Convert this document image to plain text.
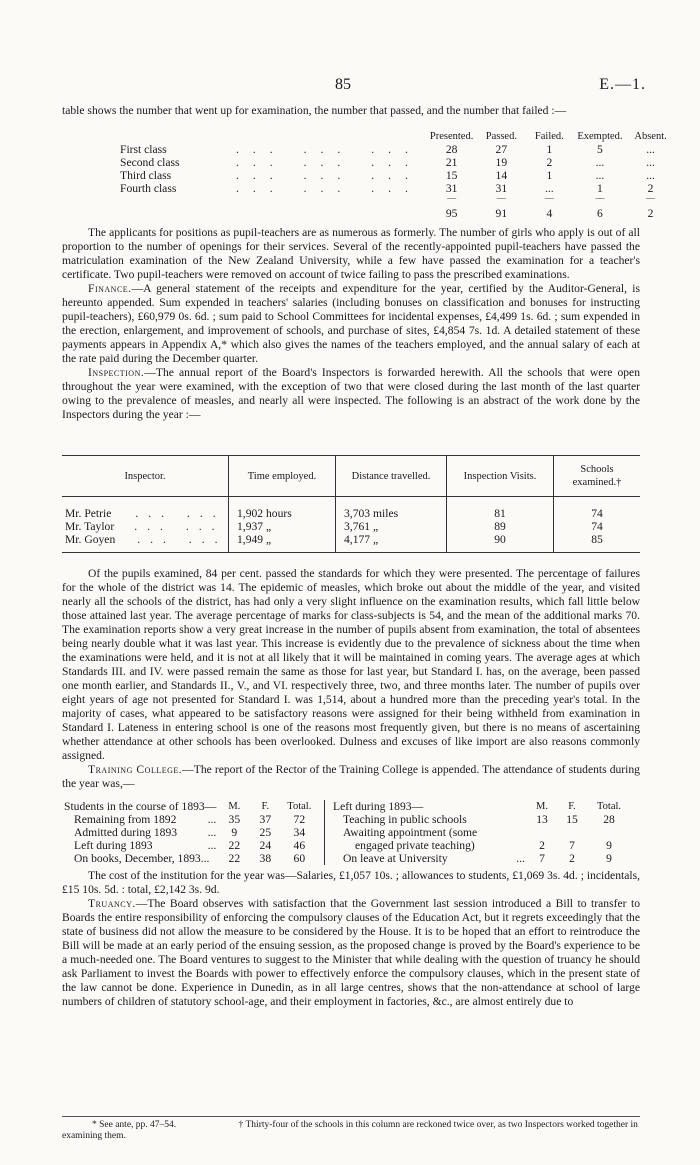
85	E.—1.

table shows the number that went up for examination, the number that passed, and the number that failed :—

		Presented.	Passed.	Failed.	Exempted.	Absent.
First class	... ... ...	28	27	1	5	...
Second class	... ... ...	21	19	2	...	...
Third class	... ... ...	15	14	1	...	...
Fourth class	... ... ...	31	31	...	1	2
		—	—	—	—	—
		95	91	4	6	2

The applicants for positions as pupil-teachers are as numerous as formerly. The number of girls who apply is out of all proportion to the number of openings for their services. Several of the recently-appointed pupil-teachers have passed the matriculation examination of the New Zealand University, while a few have passed the examination for a teacher's certificate. Two pupil-teachers were removed on account of twice failing to pass the prescribed examinations.

Finance.—A general statement of the receipts and expenditure for the year, certified by the Auditor-General, is hereunto appended. Sum expended in teachers' salaries (including bonuses on classification and bonuses for instructing pupil-teachers), £60,979 0s. 6d. ; sum paid to School Committees for incidental expenses, £4,499 1s. 6d. ; sum expended in the erection, enlargement, and improvement of schools, and purchase of sites, £4,854 7s. 1d. A detailed statement of these payments appears in Appendix A,* which also gives the names of the teachers employed, and the annual salary of each at the rate paid during the December quarter.

Inspection.—The annual report of the Board's Inspectors is forwarded herewith. All the schools that were open throughout the year were examined, with the exception of two that were closed during the last month of the last quarter owing to the prevalence of measles, and nearly all were inspected. The following is an abstract of the work done by the Inspectors during the year :—

Inspector.	Time employed.	Distance travelled.	Inspection Visits.	Schools examined.†
Mr. Petrie ... ...	1,902 hours	3,703 miles	81	74
Mr. Taylor ... ...	1,937 „	3,761 „	89	74
Mr. Goyen ... ...	1,949 „	4,177 „	90	85

Of the pupils examined, 84 per cent. passed the standards for which they were presented. The percentage of failures for the whole of the district was 14. The epidemic of measles, which broke out about the middle of the year, and visited nearly all the schools of the district, has had only a very slight influence on the examination results, which fall little below those attained last year. The average percentage of marks for class-subjects is 54, and the mean of the additional marks 70. The examination reports show a very great increase in the number of pupils absent from examination, the total of absentees being nearly double what it was last year. This increase is evidently due to the prevalence of sickness about the time when the examinations were held, and it is not at all likely that it will be maintained in coming years. The average ages at which Standards III. and IV. were passed remain the same as those for last year, but Standard I. has, on the average, been passed one month earlier, and Standards II., V., and VI. respectively three, two, and three months later. The number of pupils over eight years of age not presented for Standard I. was 1,514, about a hundred more than the preceding year's total. In the majority of cases, what appeared to be satisfactory reasons were assigned for their being withheld from examination in Standard I. Lateness in entering school is one of the reasons most frequently given, but there is no means of ascertaining whether attendance at other schools has been overlooked. Dulness and excuses of like import are also reasons commonly assigned.

Training College.—The report of the Rector of the Training College is appended. The attendance of students during the year was,—

Students in the course of 1893—	M.	F.	Total.
Remaining from 1892 ...	35	37	72
Admitted during 1893 ...	9	25	34
Left during 1893 ...	22	24	46
On books, December, 1893...	22	38	60
Left during 1893—	M.	F.	Total.
Teaching in public schools	13	15	28
Awaiting appointment (some			
engaged private teaching)	2	7	9
On leave at University ...	7	2	9

The cost of the institution for the year was—Salaries, £1,057 10s. ; allowances to students, £1,069 3s. 4d. ; incidentals, £15 10s. 5d. : total, £2,142 3s. 9d.

Truancy.—The Board observes with satisfaction that the Government last session introduced a Bill to transfer to Boards the entire responsibility of enforcing the compulsory clauses of the Education Act, but it regrets exceedingly that the state of business did not allow the measure to be considered by the House. It is to be hoped that an effort to reintroduce the Bill will be made at an early period of the ensuing session, as the proposed change is proved by the Board's experience to be a much-needed one. The Board ventures to suggest to the Minister that while dealing with the question of truancy he should ask Parliament to invest the Boards with power to effectively enforce the compulsory clauses, which in the present state of the law cannot be done. Experience in Dunedin, as in all large centres, shows that the non-attendance at school of large numbers of children of statutory school-age, and their employment in factories, &c., are almost entirely due to

* See ante, pp. 47–54.	† Thirty-four of the schools in this column are reckoned twice over, as two Inspectors worked together in examining them.
